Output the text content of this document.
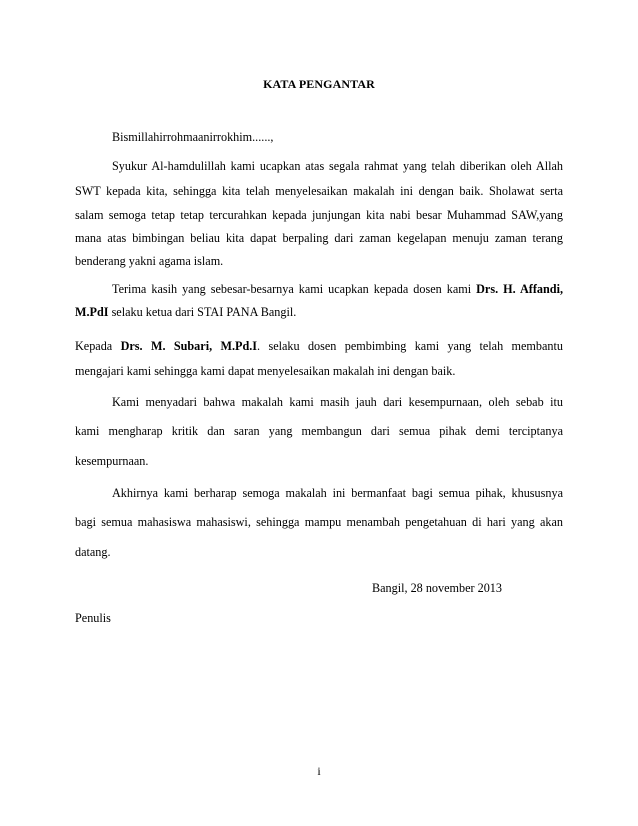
KATA PENGANTAR
Bismillahirrohmaanirrokhim......,
Syukur Al-hamdulillah kami ucapkan atas segala rahmat yang telah diberikan oleh Allah
SWT kepada kita, sehingga kita telah menyelesaikan makalah ini dengan baik. Sholawat serta
salam semoga tetap tetap tercurahkan kepada junjungan kita nabi besar Muhammad SAW,yang
mana atas bimbingan beliau kita dapat berpaling dari zaman kegelapan menuju zaman terang
benderang yakni agama islam.
Terima kasih yang sebesar-besarnya kami ucapkan kepada dosen kami Drs. H. Affandi,
M.PdI selaku ketua dari STAI PANA Bangil.
Kepada Drs. M. Subari, M.Pd.I. selaku dosen pembimbing kami yang telah membantu
mengajari kami sehingga kami dapat menyelesaikan makalah ini dengan baik.
Kami menyadari bahwa makalah kami masih jauh dari kesempurnaan, oleh sebab itu
kami mengharap kritik dan saran yang membangun dari semua pihak demi terciptanya
kesempurnaan.
Akhirnya kami berharap semoga makalah ini bermanfaat bagi semua pihak, khususnya
bagi semua mahasiswa mahasiswi, sehingga mampu menambah pengetahuan di hari yang akan
datang.
Bangil, 28 november 2013
Penulis
i
